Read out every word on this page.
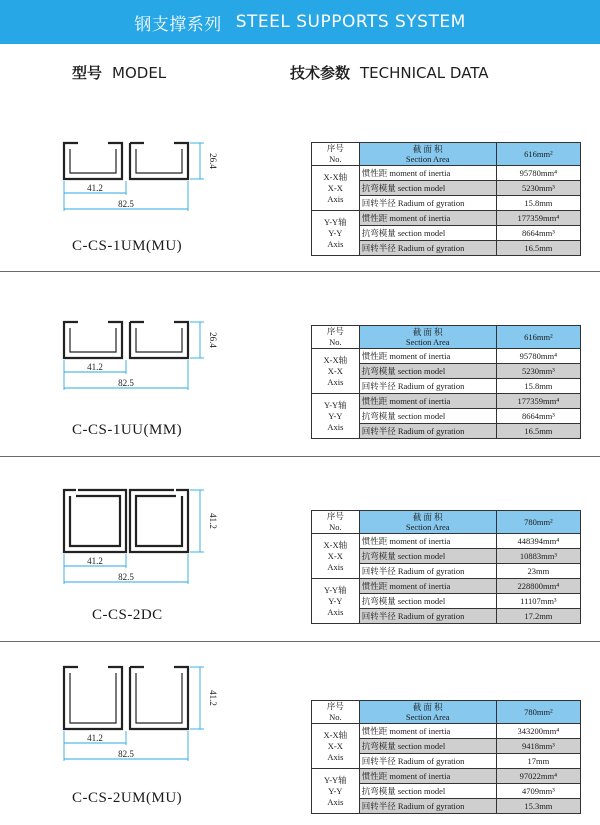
钢支撑系列 STEEL SUPPORTS SYSTEM
型号 MODEL	技术参数 TECHNICAL DATA
41.2
82.5
26.4
C-CS-1UM(MU)
序号
No.	截 面 积
Section Area	616mm²
X-X轴
X-X
Axis	惯性距 moment of inertia	95780mm⁴
	抗弯模量 section model	5230mm³
	回转半径 Radium of gyration	15.8mm
Y-Y轴
Y-Y
Axis	惯性距 moment of inertia	177359mm⁴
	抗弯模量 section model	8664mm³
	回转半径 Radium of gyration	16.5mm
41.2
82.5
26.4
C-CS-1UU(MM)
序号
No.	截 面 积
Section Area	616mm²
X-X轴
X-X
Axis	惯性距 moment of inertia	95780mm⁴
	抗弯模量 section model	5230mm³
	回转半径 Radium of gyration	15.8mm
Y-Y轴
Y-Y
Axis	惯性距 moment of inertia	177359mm⁴
	抗弯模量 section model	8664mm³
	回转半径 Radium of gyration	16.5mm
41.2
82.5
41.2
C-CS-2DC
序号
No.	截 面 积
Section Area	780mm²
X-X轴
X-X
Axis	惯性距 moment of inertia	448394mm⁴
	抗弯模量 section model	10883mm³
	回转半径 Radium of gyration	23mm
Y-Y轴
Y-Y
Axis	惯性距 moment of inertia	228800mm⁴
	抗弯模量 section model	11107mm³
	回转半径 Radium of gyration	17.2mm
41.2
82.5
41.2
C-CS-2UM(MU)
序号
No.	截 面 积
Section Area	780mm²
X-X轴
X-X
Axis	惯性距 moment of inertia	343200mm⁴
	抗弯模量 section model	9418mm³
	回转半径 Radium of gyration	17mm
Y-Y轴
Y-Y
Axis	惯性距 moment of inertia	97022mm⁴
	抗弯模量 section model	4709mm³
	回转半径 Radium of gyration	15.3mm
